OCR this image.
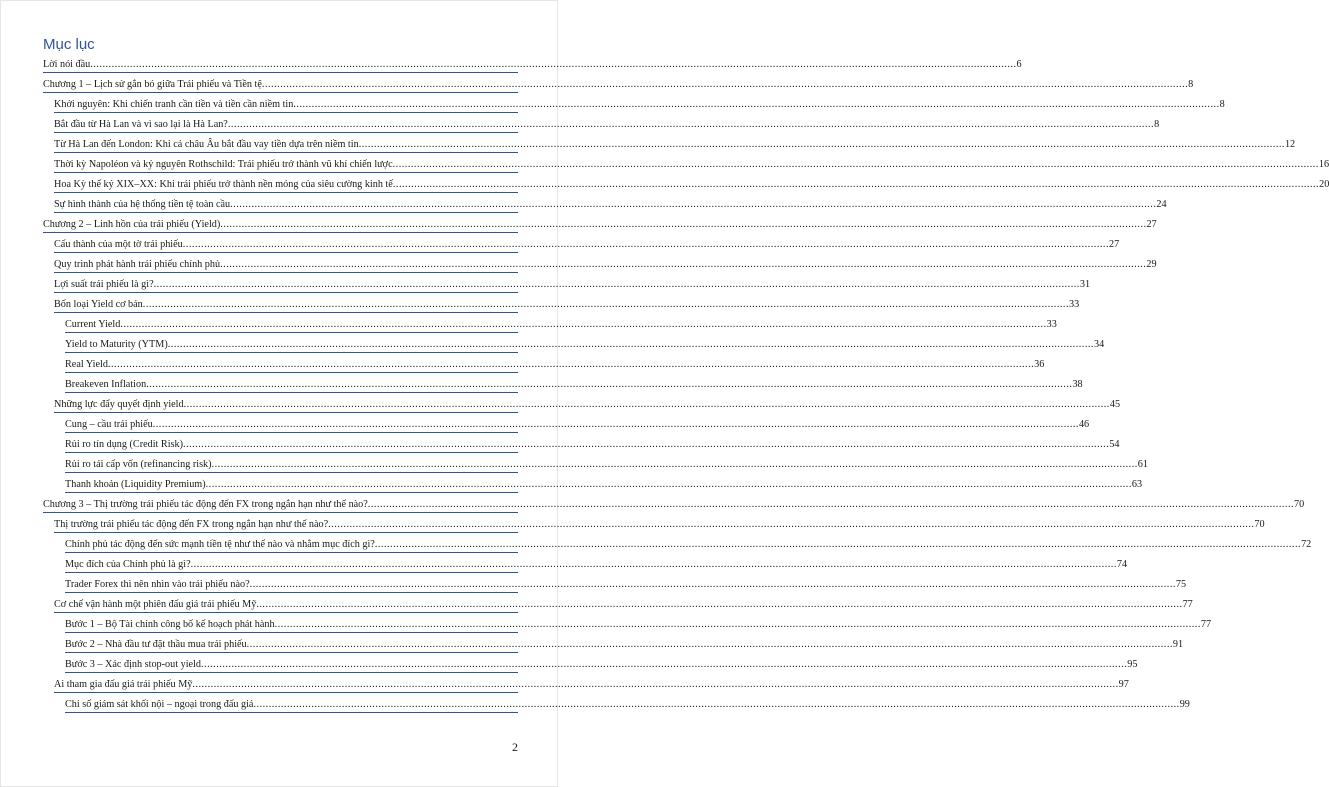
Mục lục
Lời nói đầu .....	6
Chương 1 – Lịch sử gắn bó giữa Trái phiếu và Tiền tệ .....	8
Khởi nguyên: Khi chiến tranh cần tiền và tiền cần niềm tin .....	8
Bắt đầu từ Hà Lan và vì sao lại là Hà Lan? .....	8
Từ Hà Lan đến London: Khi cả châu Âu bắt đầu vay tiền dựa trên niềm tin .....	12
Thời kỳ Napoléon và kỷ nguyên Rothschild: Trái phiếu trở thành vũ khí chiến lược .....	16
Hoa Kỳ thế kỷ XIX–XX: Khi trái phiếu trở thành nền móng của siêu cường kinh tế .....	20
Sự hình thành của hệ thống tiền tệ toàn cầu .....	24
Chương 2 – Linh hồn của trái phiếu (Yield) .....	27
Cấu thành của một tờ trái phiếu .....	27
Quy trình phát hành trái phiếu chính phủ .....	29
Lợi suất trái phiếu là gì? .....	31
Bốn loại Yield cơ bản .....	33
Current Yield .....	33
Yield to Maturity (YTM) .....	34
Real Yield .....	36
Breakeven Inflation .....	38
Những lực đẩy quyết định yield .....	45
Cung – cầu trái phiếu .....	46
Rủi ro tín dụng (Credit Risk) .....	54
Rủi ro tái cấp vốn (refinancing risk) .....	61
Thanh khoản (Liquidity Premium) .....	63
Chương 3 – Thị trường trái phiếu tác động đến FX trong ngắn hạn như thế nào? .....	70
Thị trường trái phiếu tác động đến FX trong ngắn hạn như thế nào? .....	70
Chính phủ tác động đến sức mạnh tiền tệ như thế nào và nhằm mục đích gì? .....	72
Mục đích của Chính phủ là gì? .....	74
Trader Forex thì nên nhìn vào trái phiếu nào? .....	75
Cơ chế vận hành một phiên đấu giá trái phiếu Mỹ .....	77
Bước 1 – Bộ Tài chính công bố kế hoạch phát hành .....	77
Bước 2 – Nhà đầu tư đặt thầu mua trái phiếu .....	91
Bước 3 – Xác định stop-out yield .....	95
Ai tham gia đấu giá trái phiếu Mỹ .....	97
Chỉ số giám sát khối nội – ngoại trong đấu giá .....	99
2
